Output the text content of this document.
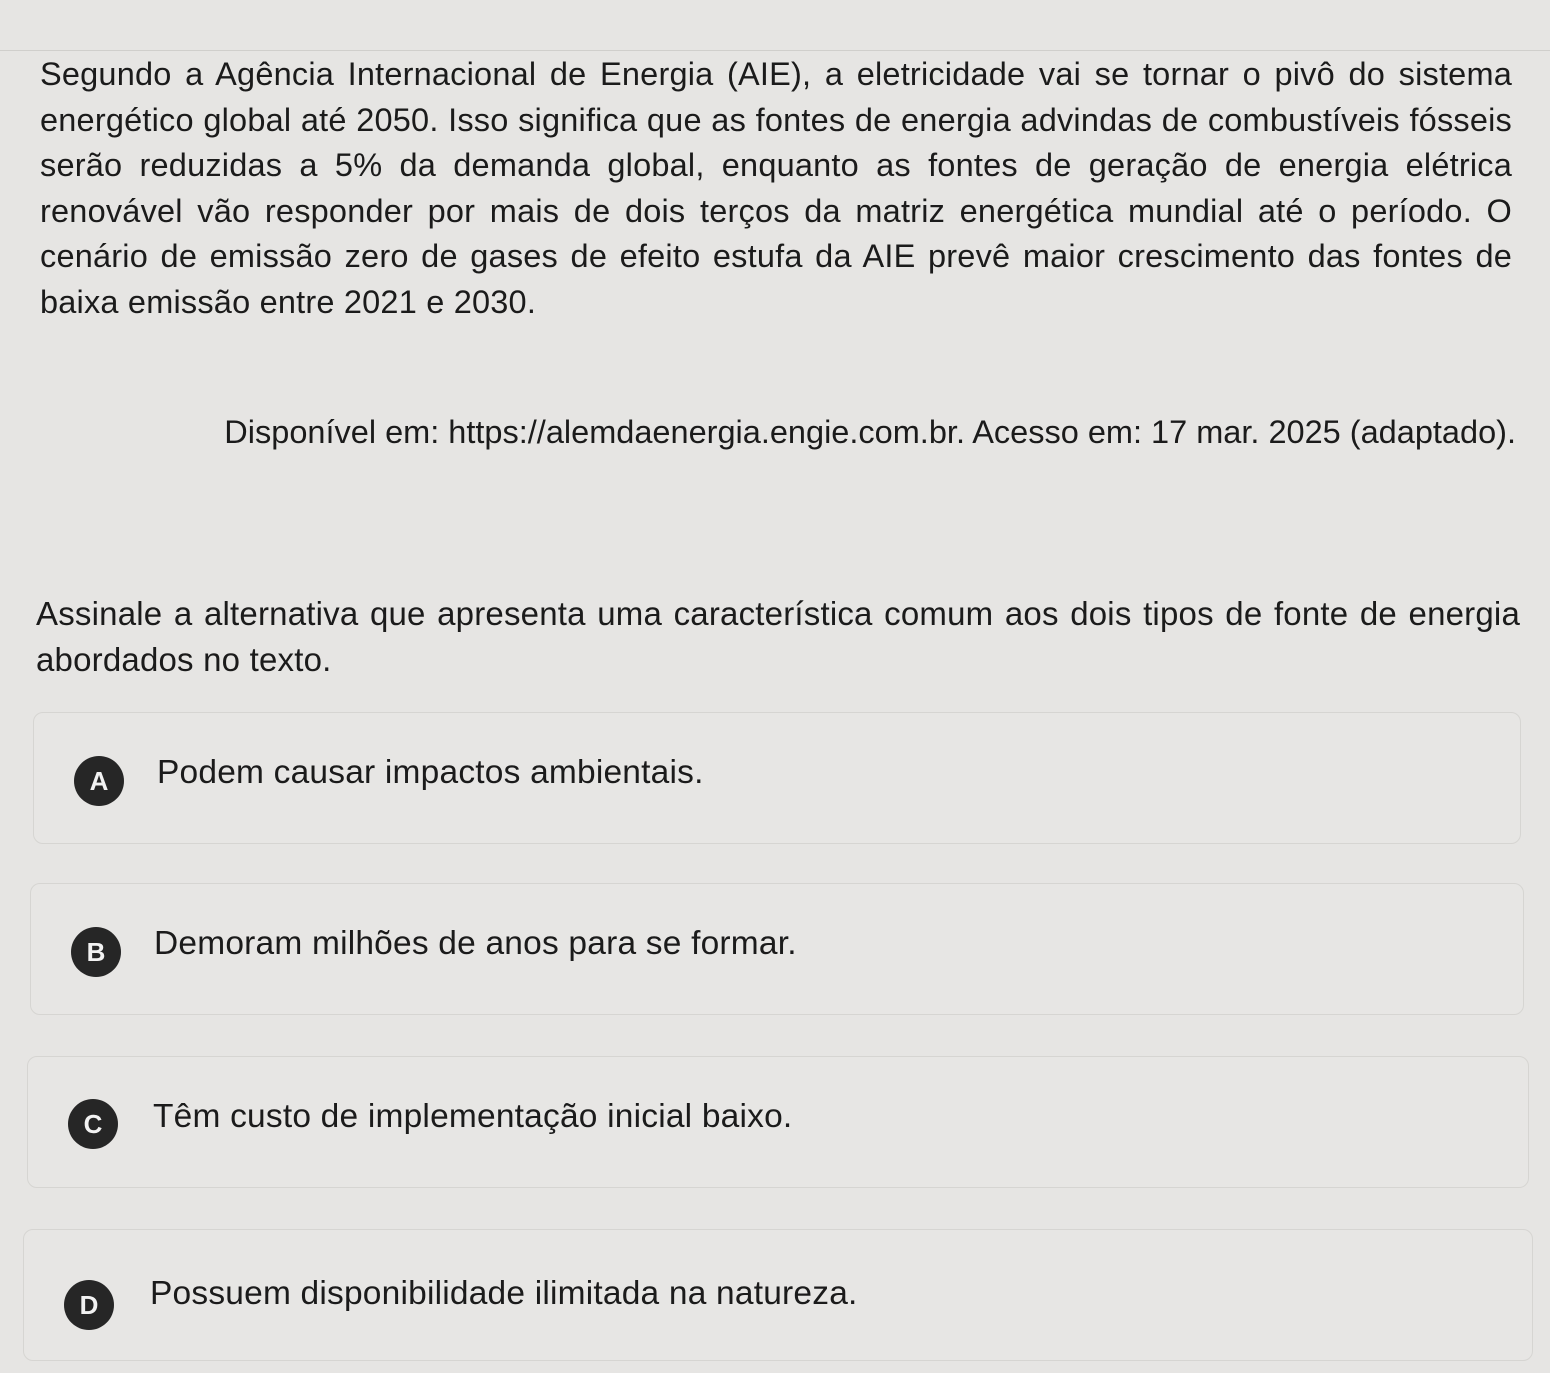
Segundo a Agência Internacional de Energia (AIE), a eletricidade vai se tornar o pivô do sistema energético global até 2050. Isso significa que as fontes de energia advindas de combustíveis fósseis serão reduzidas a 5% da demanda global, enquanto as fontes de geração de energia elétrica renovável vão responder por mais de dois terços da matriz energética mundial até o período. O cenário de emissão zero de gases de efeito estufa da AIE prevê maior crescimento das fontes de baixa emissão entre 2021 e 2030.
Disponível em: https://alemdaenergia.engie.com.br. Acesso em: 17 mar. 2025 (adaptado).
Assinale a alternativa que apresenta uma característica comum aos dois tipos de fonte de energia abordados no texto.
A	Podem causar impactos ambientais.
B	Demoram milhões de anos para se formar.
C	Têm custo de implementação inicial baixo.
D	Possuem disponibilidade ilimitada na natureza.
